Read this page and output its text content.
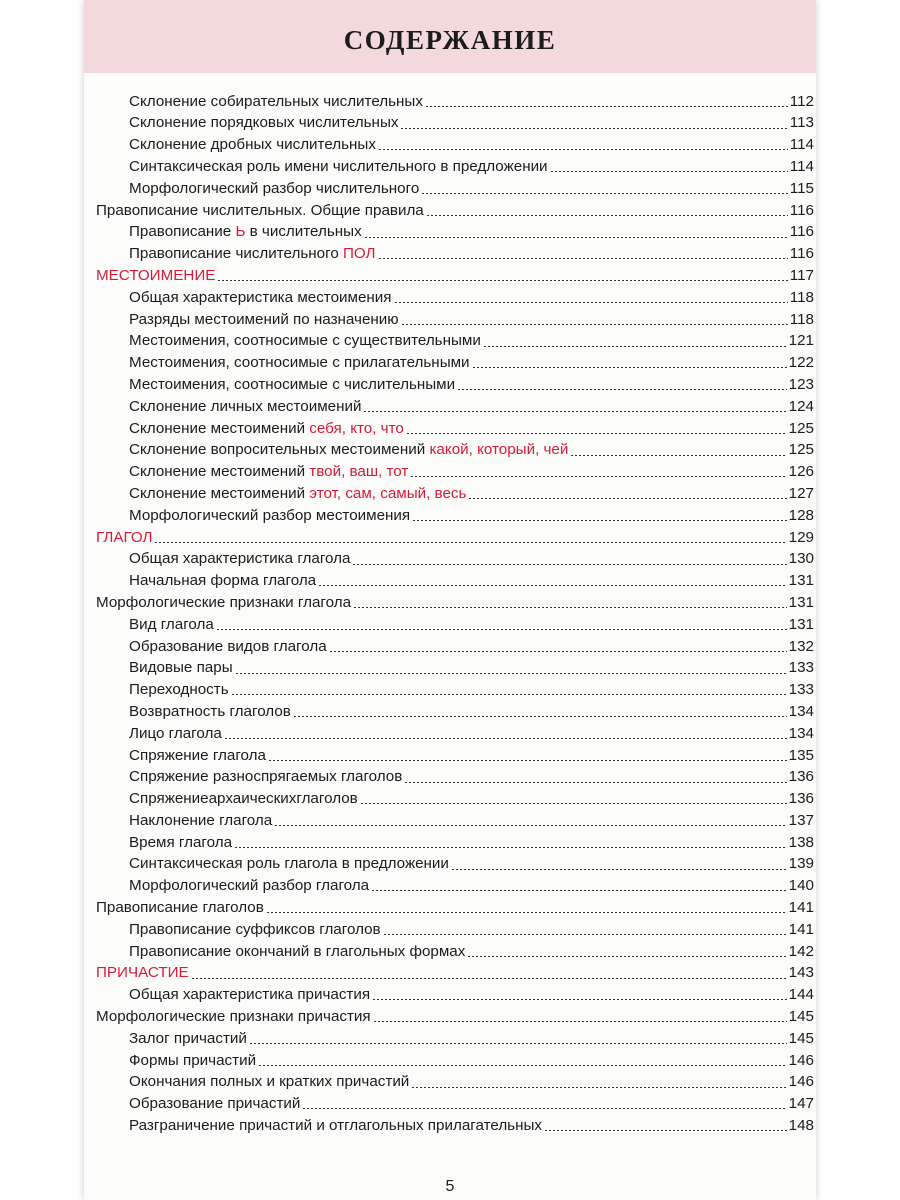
СОДЕРЖАНИЕ
Склонение собирательных числительных	112
Склонение порядковых числительных	113
Склонение дробных числительных	114
Синтаксическая роль имени числительного в предложении	114
Морфологический разбор числительного	115
Правописание числительных. Общие правила	116
Правописание Ь в числительных	116
Правописание числительного ПОЛ	116
МЕСТОИМЕНИЕ	117
Общая характеристика местоимения	118
Разряды местоимений по назначению	118
Местоимения, соотносимые с существительными	121
Местоимения, соотносимые с прилагательными	122
Местоимения, соотносимые с числительными	123
Склонение личных местоимений	124
Склонение местоимений себя, кто, что	125
Склонение вопросительных местоимений какой, который, чей	125
Склонение местоимений твой, ваш, тот	126
Склонение местоимений этот, сам, самый, весь	127
Морфологический разбор местоимения	128
ГЛАГОЛ	129
Общая характеристика глагола	130
Начальная форма глагола	131
Морфологические признаки глагола	131
Вид глагола	131
Образование видов глагола	132
Видовые пары	133
Переходность	133
Возвратность глаголов	134
Лицо глагола	134
Спряжение глагола	135
Спряжение разноспрягаемых глаголов	136
Спряжениеархаическихглаголов	136
Наклонение глагола	137
Время глагола	138
Синтаксическая роль глагола в предложении	139
Морфологический разбор глагола	140
Правописание глаголов	141
Правописание суффиксов глаголов	141
Правописание окончаний в глагольных формах	142
ПРИЧАСТИЕ	143
Общая характеристика причастия	144
Морфологические признаки причастия	145
Залог причастий	145
Формы причастий	146
Окончания полных и кратких причастий	146
Образование причастий	147
Разграничение причастий и отглагольных прилагательных	148
5
